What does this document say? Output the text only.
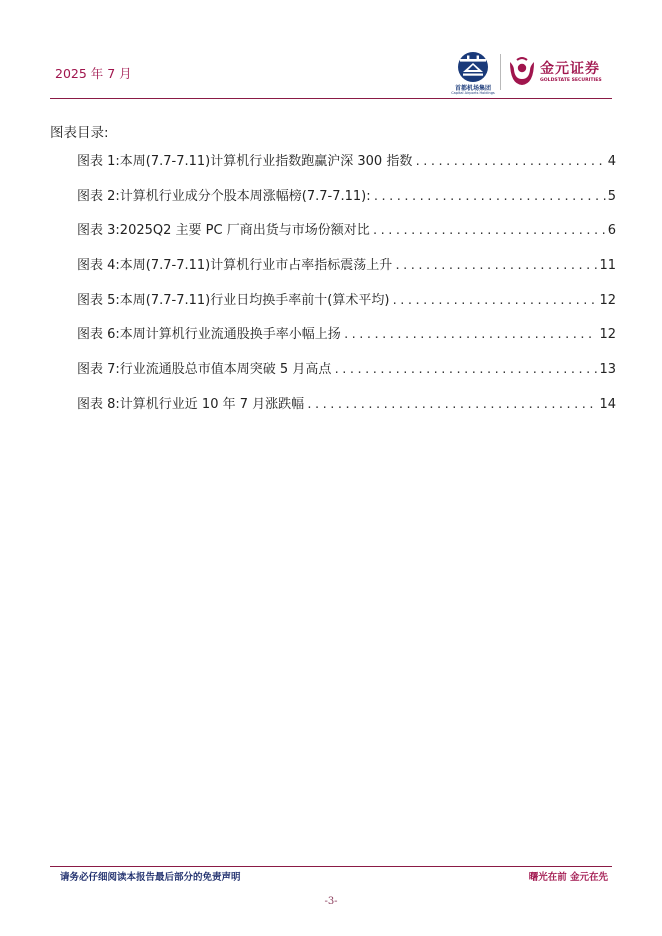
2025 年 7 月
首都机场集团
Capital Airports Holdings
金元证券
GOLDSTATE SECURITIES
图表目录:
图表 1: 本周(7.7-7.11)计算机行业指数跑赢沪深 300 指数 .....	4
图表 2: 计算机行业成分个股本周涨幅榜(7.7-7.11): .....	5
图表 3: 2025Q2 主要 PC 厂商出货与市场份额对比 .....	6
图表 4: 本周(7.7-7.11)计算机行业市占率指标震荡上升 .....	11
图表 5: 本周(7.7-7.11)行业日均换手率前十(算术平均) .....	12
图表 6: 本周计算机行业流通股换手率小幅上扬 .....	12
图表 7: 行业流通股总市值本周突破 5 月高点 .....	13
图表 8: 计算机行业近 10 年 7 月涨跌幅 .....	14
请务必仔细阅读本报告最后部分的免责声明	曙光在前 金元在先
-3-
